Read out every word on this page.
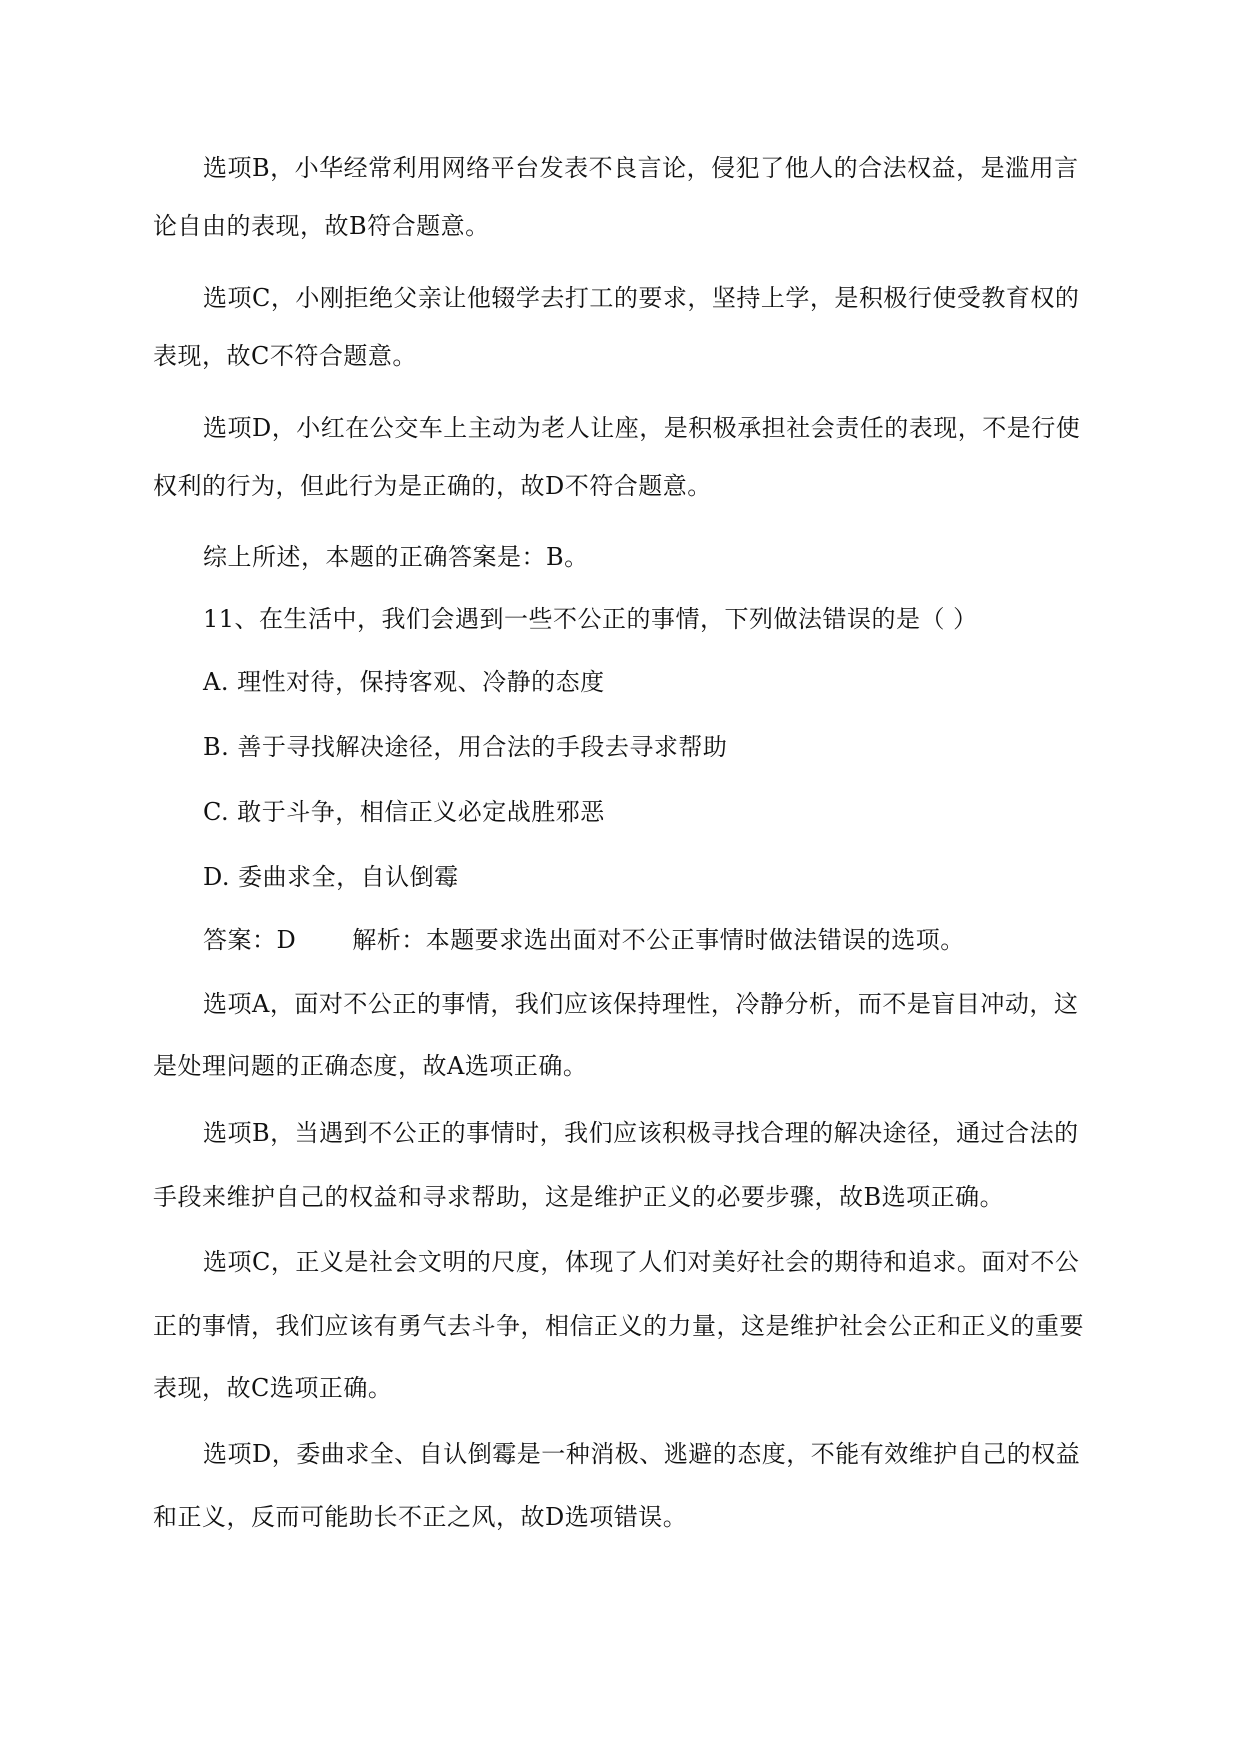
选项B，小华经常利用网络平台发表不良言论，侵犯了他人的合法权益，是滥用言
论自由的表现，故B符合题意。
选项C，小刚拒绝父亲让他辍学去打工的要求，坚持上学，是积极行使受教育权的
表现，故C不符合题意。
选项D，小红在公交车上主动为老人让座，是积极承担社会责任的表现，不是行使
权利的行为，但此行为是正确的，故D不符合题意。
综上所述，本题的正确答案是：B。
11、在生活中，我们会遇到一些不公正的事情，下列做法错误的是（ ）
A. 理性对待，保持客观、冷静的态度
B. 善于寻找解决途径，用合法的手段去寻求帮助
C. 敢于斗争，相信正义必定战胜邪恶
D. 委曲求全，自认倒霉
答案：D 解析：本题要求选出面对不公正事情时做法错误的选项。
选项A，面对不公正的事情，我们应该保持理性，冷静分析，而不是盲目冲动，这
是处理问题的正确态度，故A选项正确。
选项B，当遇到不公正的事情时，我们应该积极寻找合理的解决途径，通过合法的
手段来维护自己的权益和寻求帮助，这是维护正义的必要步骤，故B选项正确。
选项C，正义是社会文明的尺度，体现了人们对美好社会的期待和追求。面对不公
正的事情，我们应该有勇气去斗争，相信正义的力量，这是维护社会公正和正义的重要
表现，故C选项正确。
选项D，委曲求全、自认倒霉是一种消极、逃避的态度，不能有效维护自己的权益
和正义，反而可能助长不正之风，故D选项错误。
